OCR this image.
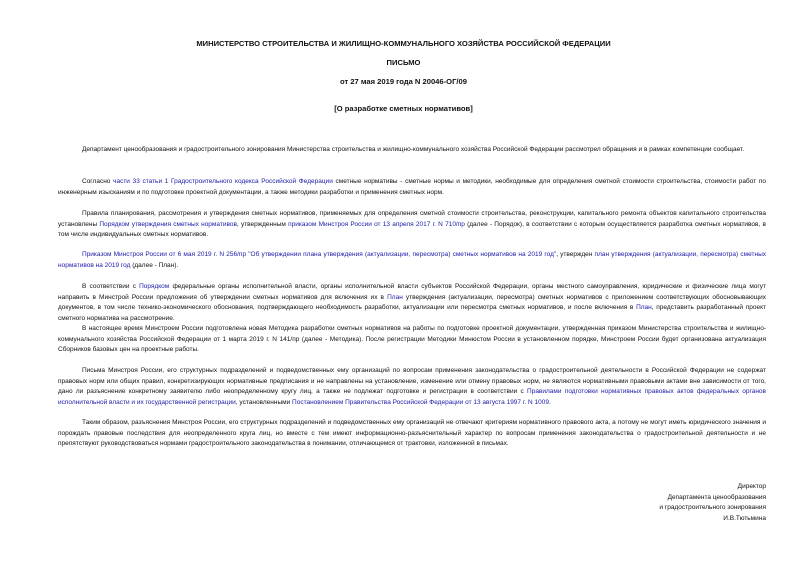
МИНИСТЕРСТВО СТРОИТЕЛЬСТВА И ЖИЛИЩНО-КОММУНАЛЬНОГО ХОЗЯЙСТВА РОССИЙСКОЙ ФЕДЕРАЦИИ
ПИСЬМО
от 27 мая 2019 года N 20046-ОГ/09
[О разработке сметных нормативов]

Департамент ценообразования и градостроительного зонирования Министерства строительства и жилищно-коммунального хозяйства Российской Федерации рассмотрел обращения и в рамках компетенции сообщает.

Согласно части 33 статьи 1 Градостроительного кодекса Российской Федерации сметные нормативы - сметные нормы и методики, необходимые для определения сметной стоимости строительства, стоимости работ по инженерным изысканиям и по подготовке проектной документации, а также методики разработки и применения сметных норм.

Правила планирования, рассмотрения и утверждения сметных нормативов, применяемых для определения сметной стоимости строительства, реконструкции, капитального ремонта объектов капитального строительства установлены Порядком утверждения сметных нормативов, утвержденным приказом Минстроя России от 13 апреля 2017 г. N 710/пр (далее - Порядок), в соответствии с которым осуществляется разработка сметных нормативов, в том числе индивидуальных сметных нормативов.

Приказом Минстроя России от 6 мая 2019 г. N 256/пр "Об утверждении плана утверждения (актуализации, пересмотра) сметных нормативов на 2019 год", утвержден план утверждения (актуализации, пересмотра) сметных нормативов на 2019 год (далее - План).

В соответствии с Порядком федеральные органы исполнительной власти, органы исполнительной власти субъектов Российской Федерации, органы местного самоуправления, юридические и физические лица могут направить в Минстрой России предложения об утверждении сметных нормативов для включения их в План утверждения (актуализации, пересмотра) сметных нормативов с приложением соответствующих обосновывающих документов, в том числе технико-экономического обоснования, подтверждающего необходимость разработки, актуализации или пересмотра сметных нормативов, и после включения в План, представить разработанный проект сметного норматива на рассмотрение.

В настоящее время Минстроем России подготовлена новая Методика разработки сметных нормативов на работы по подготовке проектной документации, утвержденная приказом Министерства строительства и жилищно-коммунального хозяйства Российской Федерации от 1 марта 2019 г. N 141/пр (далее - Методика). После регистрации Методики Минюстом России в установленном порядке, Минстроем России будет организована актуализация Сборников базовых цен на проектные работы.

Письма Минстроя России, его структурных подразделений и подведомственных ему организаций по вопросам применения законодательства о градостроительной деятельности в Российской Федерации не содержат правовых норм или общих правил, конкретизирующих нормативные предписания и не направлены на установление, изменение или отмену правовых норм, не являются нормативными правовыми актами вне зависимости от того, дано ли разъяснение конкретному заявителю либо неопределенному кругу лиц, а также не подлежат подготовке и регистрации в соответствии с Правилами подготовки нормативных правовых актов федеральных органов исполнительной власти и их государственной регистрации, установленными Постановлением Правительства Российской Федерации от 13 августа 1997 г. N 1009.

Таким образом, разъяснения Минстроя России, его структурных подразделений и подведомственных ему организаций не отвечают критериям нормативного правового акта, а потому не могут иметь юридического значения и порождать правовые последствия для неопределенного круга лиц, но вместе с тем имеют информационно-разъяснительный характер по вопросам применения законодательства о градостроительной деятельности и не препятствуют руководствоваться нормами градостроительного законодательства в понимании, отличающемся от трактовки, изложенной в письмах.

Директор
Департамента ценообразования
и градостроительного зонирования
И.В.Тютьмина
